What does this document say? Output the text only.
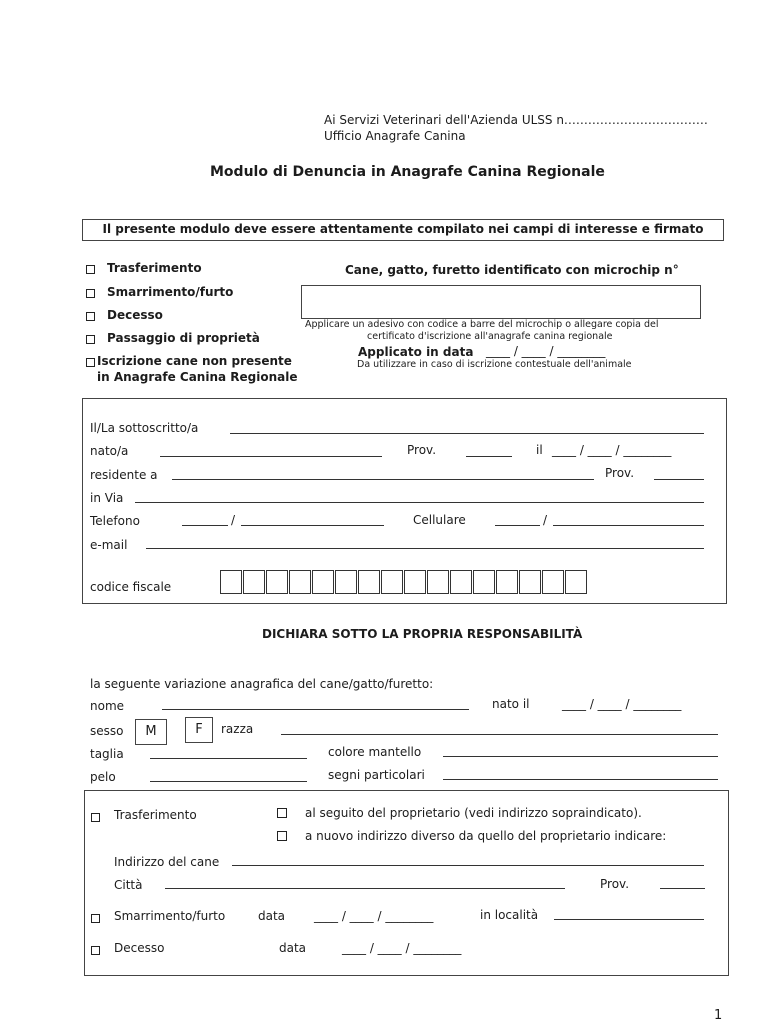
Ai Servizi Veterinari dell'Azienda ULSS n………………………………
Ufficio Anagrafe Canina
Modulo di Denuncia in Anagrafe Canina Regionale
Il presente modulo deve essere attentamente compilato nei campi di interesse e firmato
Trasferimento
Smarrimento/furto
Decesso
Passaggio di proprietà
Iscrizione cane non presente
in Anagrafe Canina Regionale
Cane, gatto, furetto identificato con microchip n°
Applicare un adesivo con codice a barre del microchip o allegare copia del
certificato d'iscrizione all'anagrafe canina regionale
Applicato in data ____ / ____ / ________
Da utilizzare in caso di iscrizione contestuale dell'animale
Il/La sottoscritto/a
nato/a	Prov.	il ____ / ____ / ________
residente a	Prov.
in Via
Telefono	/	Cellulare	/
e-mail
codice fiscale
DICHIARA SOTTO LA PROPRIA RESPONSABILITÀ
la seguente variazione anagrafica del cane/gatto/furetto:
nome	nato il	____ / ____ / ________
sesso	M	F	razza
taglia	colore mantello
pelo	segni particolari
Trasferimento	al seguito del proprietario (vedi indirizzo sopraindicato).
a nuovo indirizzo diverso da quello del proprietario indicare:
Indirizzo del cane
Città	Prov.
Smarrimento/furto	data ____ / ____ / ________	in località
Decesso	data	____ / ____ / ________
1
